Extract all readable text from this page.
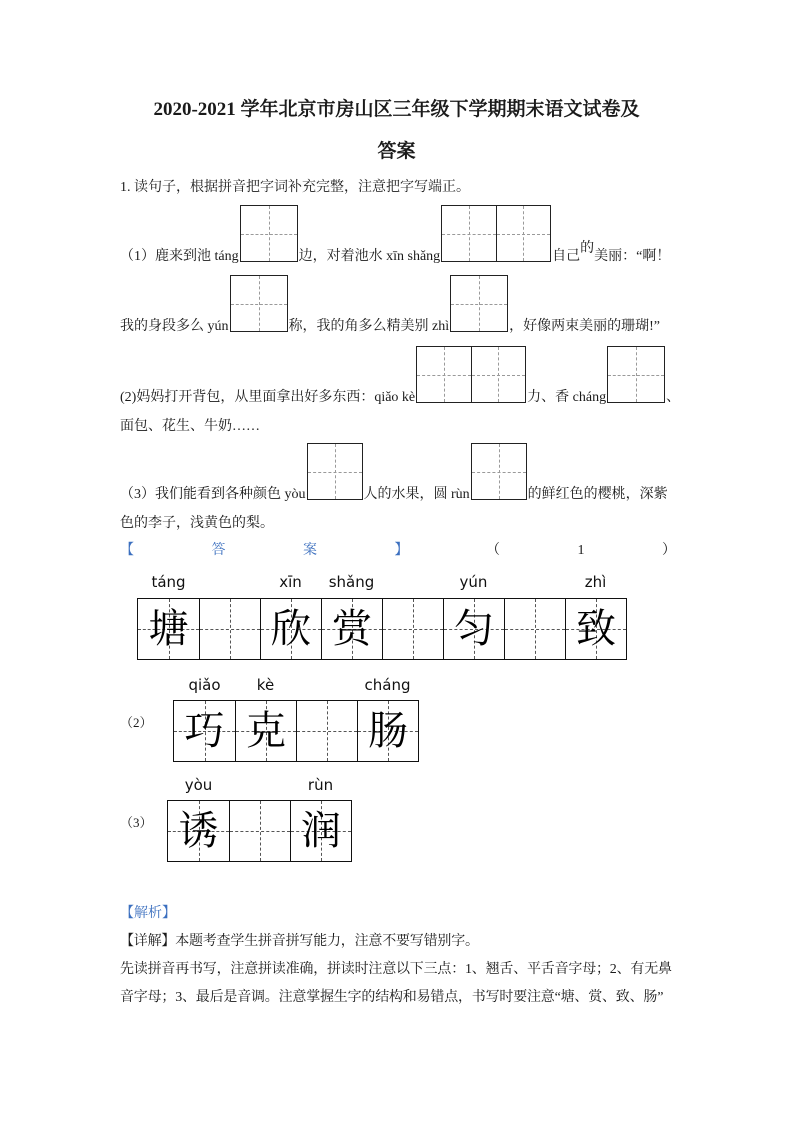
2020-2021 学年北京市房山区三年级下学期期末语文试卷及
答案
1. 读句子，根据拼音把字词补充完整，注意把字写端正。
（1）鹿来到池 táng	边，对着池水 xīn shǎng	自己
的
美丽：“啊！
我的身段多么 yún	称，我的角多么精美别 zhì	，好像两束美丽的珊瑚!”
(2)妈妈打开背包，从里面拿出好多东西：qiǎo kè	力、香 cháng	、
面包、花生、牛奶……
（3）我们能看到各种颜色 yòu	人的水果，圆 rùn	的鲜红色的樱桃，深紫
色的李子，浅黄色的梨。
【	答	案	】	（	1	）
táng	xīn	shǎng	yún	zhì
塘 欣 赏 匀 致
（2）
qiǎo	kè	cháng
巧 克 肠
（3）
yòu	rùn
诱 润
【解析】
【详解】本题考查学生拼音拼写能力，注意不要写错别字。
先读拼音再书写，注意拼读准确，拼读时注意以下三点：1、翘舌、平舌音字母；2、有无鼻
音字母；3、最后是音调。注意掌握生字的结构和易错点，书写时要注意“塘、赏、致、肠”
